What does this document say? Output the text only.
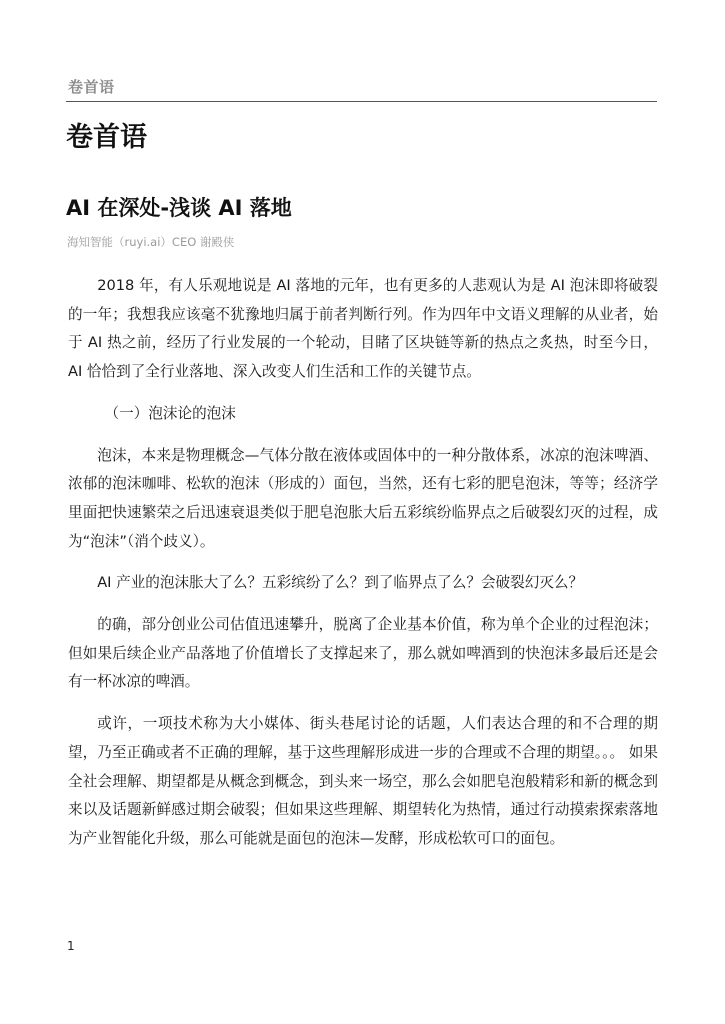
卷首语
卷首语
AI 在深处-浅谈 AI 落地
海知智能（ruyi.ai）CEO 谢殿侠

2018 年，有人乐观地说是 AI 落地的元年，也有更多的人悲观认为是 AI 泡沫即将破裂的一年；我想我应该毫不犹豫地归属于前者判断行列。作为四年中文语义理解的从业者，始于 AI 热之前，经历了行业发展的一个轮动，目睹了区块链等新的热点之炙热，时至今日，AI 恰恰到了全行业落地、深入改变人们生活和工作的关键节点。

（一）泡沫论的泡沫

泡沫，本来是物理概念—气体分散在液体或固体中的一种分散体系，冰凉的泡沫啤酒、浓郁的泡沫咖啡、松软的泡沫（形成的）面包，当然，还有七彩的肥皂泡沫，等等；经济学里面把快速繁荣之后迅速衰退类似于肥皂泡胀大后五彩缤纷临界点之后破裂幻灭的过程，成为“泡沫”（消个歧义）。

AI 产业的泡沫胀大了么？五彩缤纷了么？到了临界点了么？会破裂幻灭么？

的确，部分创业公司估值迅速攀升，脱离了企业基本价值，称为单个企业的过程泡沫；但如果后续企业产品落地了价值增长了支撑起来了，那么就如啤酒到的快泡沫多最后还是会有一杯冰凉的啤酒。

或许，一项技术称为大小媒体、街头巷尾讨论的话题，人们表达合理的和不合理的期望，乃至正确或者不正确的理解，基于这些理解形成进一步的合理或不合理的期望。。。 如果全社会理解、期望都是从概念到概念，到头来一场空，那么会如肥皂泡般精彩和新的概念到来以及话题新鲜感过期会破裂；但如果这些理解、期望转化为热情，通过行动摸索探索落地为产业智能化升级，那么可能就是面包的泡沫—发酵，形成松软可口的面包。

1
